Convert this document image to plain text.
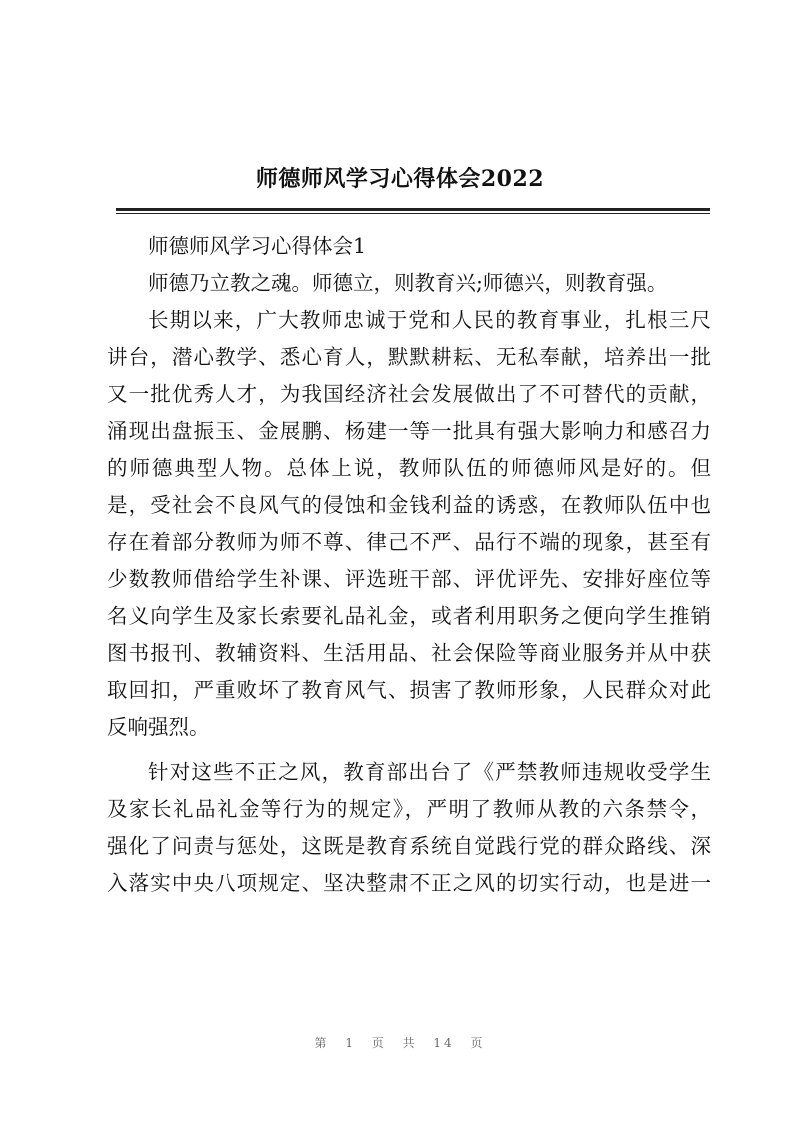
师德师风学习心得体会2022
师德师风学习心得体会1
师德乃立教之魂。师德立，则教育兴;师德兴，则教育强。
长期以来，广大教师忠诚于党和人民的教育事业，扎根三尺
讲台，潜心教学、悉心育人，默默耕耘、无私奉献，培养出一批
又一批优秀人才，为我国经济社会发展做出了不可替代的贡献，
涌现出盘振玉、金展鹏、杨建一等一批具有强大影响力和感召力
的师德典型人物。总体上说，教师队伍的师德师风是好的。但
是，受社会不良风气的侵蚀和金钱利益的诱惑，在教师队伍中也
存在着部分教师为师不尊、律己不严、品行不端的现象，甚至有
少数教师借给学生补课、评选班干部、评优评先、安排好座位等
名义向学生及家长索要礼品礼金，或者利用职务之便向学生推销
图书报刊、教辅资料、生活用品、社会保险等商业服务并从中获
取回扣，严重败坏了教育风气、损害了教师形象，人民群众对此
反响强烈。
针对这些不正之风，教育部出台了《严禁教师违规收受学生
及家长礼品礼金等行为的规定》，严明了教师从教的六条禁令，
强化了问责与惩处，这既是教育系统自觉践行党的群众路线、深
入落实中央八项规定、坚决整肃不正之风的切实行动，也是进一
第 1 页 共 14 页
